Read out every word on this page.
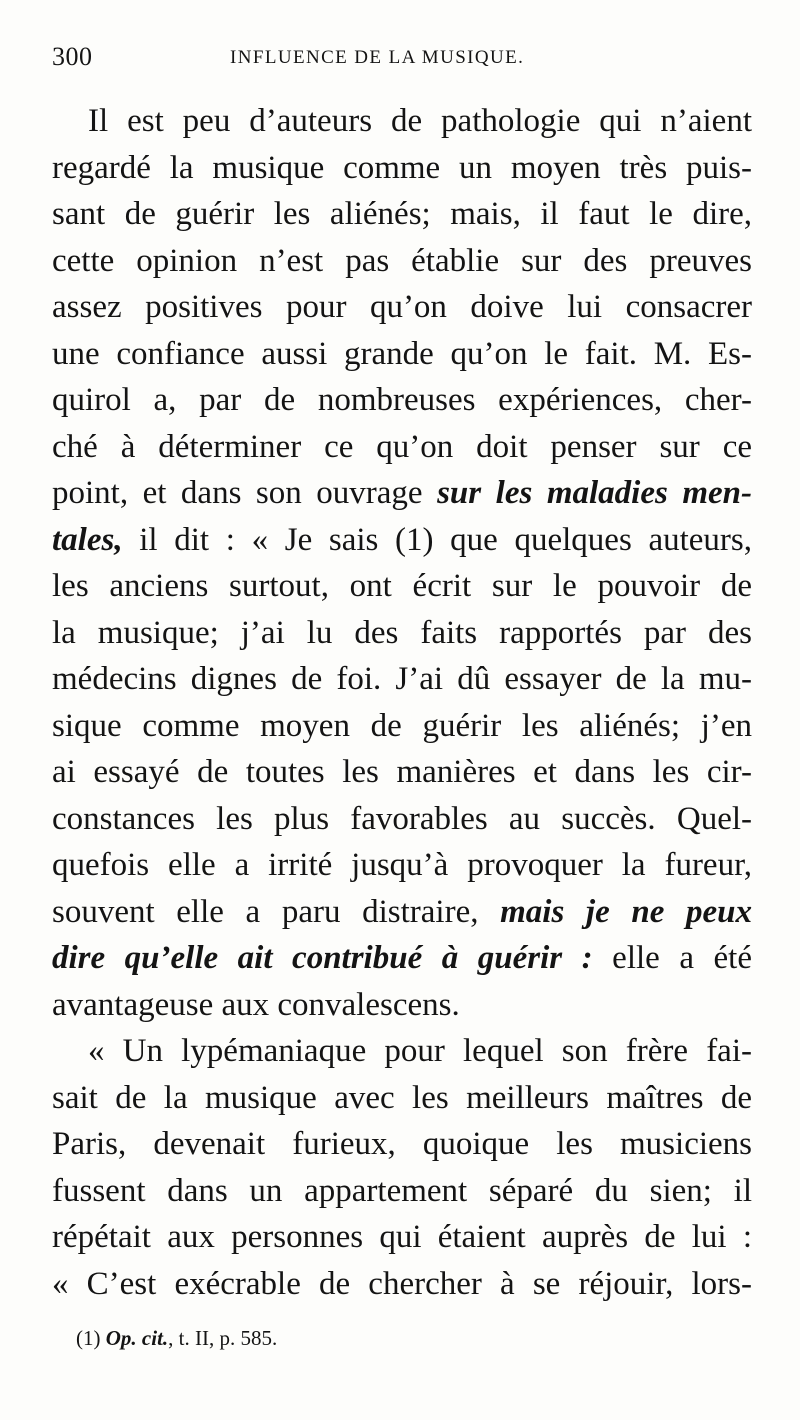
300	INFLUENCE DE LA MUSIQUE.
Il est peu d’auteurs de pathologie qui n’aient
regardé la musique comme un moyen très puis-
sant de guérir les aliénés; mais, il faut le dire,
cette opinion n’est pas établie sur des preuves
assez positives pour qu’on doive lui consacrer
une confiance aussi grande qu’on le fait. M. Es-
quirol a, par de nombreuses expériences, cher-
ché à déterminer ce qu’on doit penser sur ce
point, et dans son ouvrage sur les maladies men-
tales, il dit : « Je sais (1) que quelques auteurs,
les anciens surtout, ont écrit sur le pouvoir de
la musique; j’ai lu des faits rapportés par des
médecins dignes de foi. J’ai dû essayer de la mu-
sique comme moyen de guérir les aliénés; j’en
ai essayé de toutes les manières et dans les cir-
constances les plus favorables au succès. Quel-
quefois elle a irrité jusqu’à provoquer la fureur,
souvent elle a paru distraire, mais je ne peux
dire qu’elle ait contribué à guérir : elle a été
avantageuse aux convalescens.
« Un lypémaniaque pour lequel son frère fai-
sait de la musique avec les meilleurs maîtres de
Paris, devenait furieux, quoique les musiciens
fussent dans un appartement séparé du sien; il
répétait aux personnes qui étaient auprès de lui :
« C’est exécrable de chercher à se réjouir, lors-
(1) Op. cit., t. II, p. 585.
